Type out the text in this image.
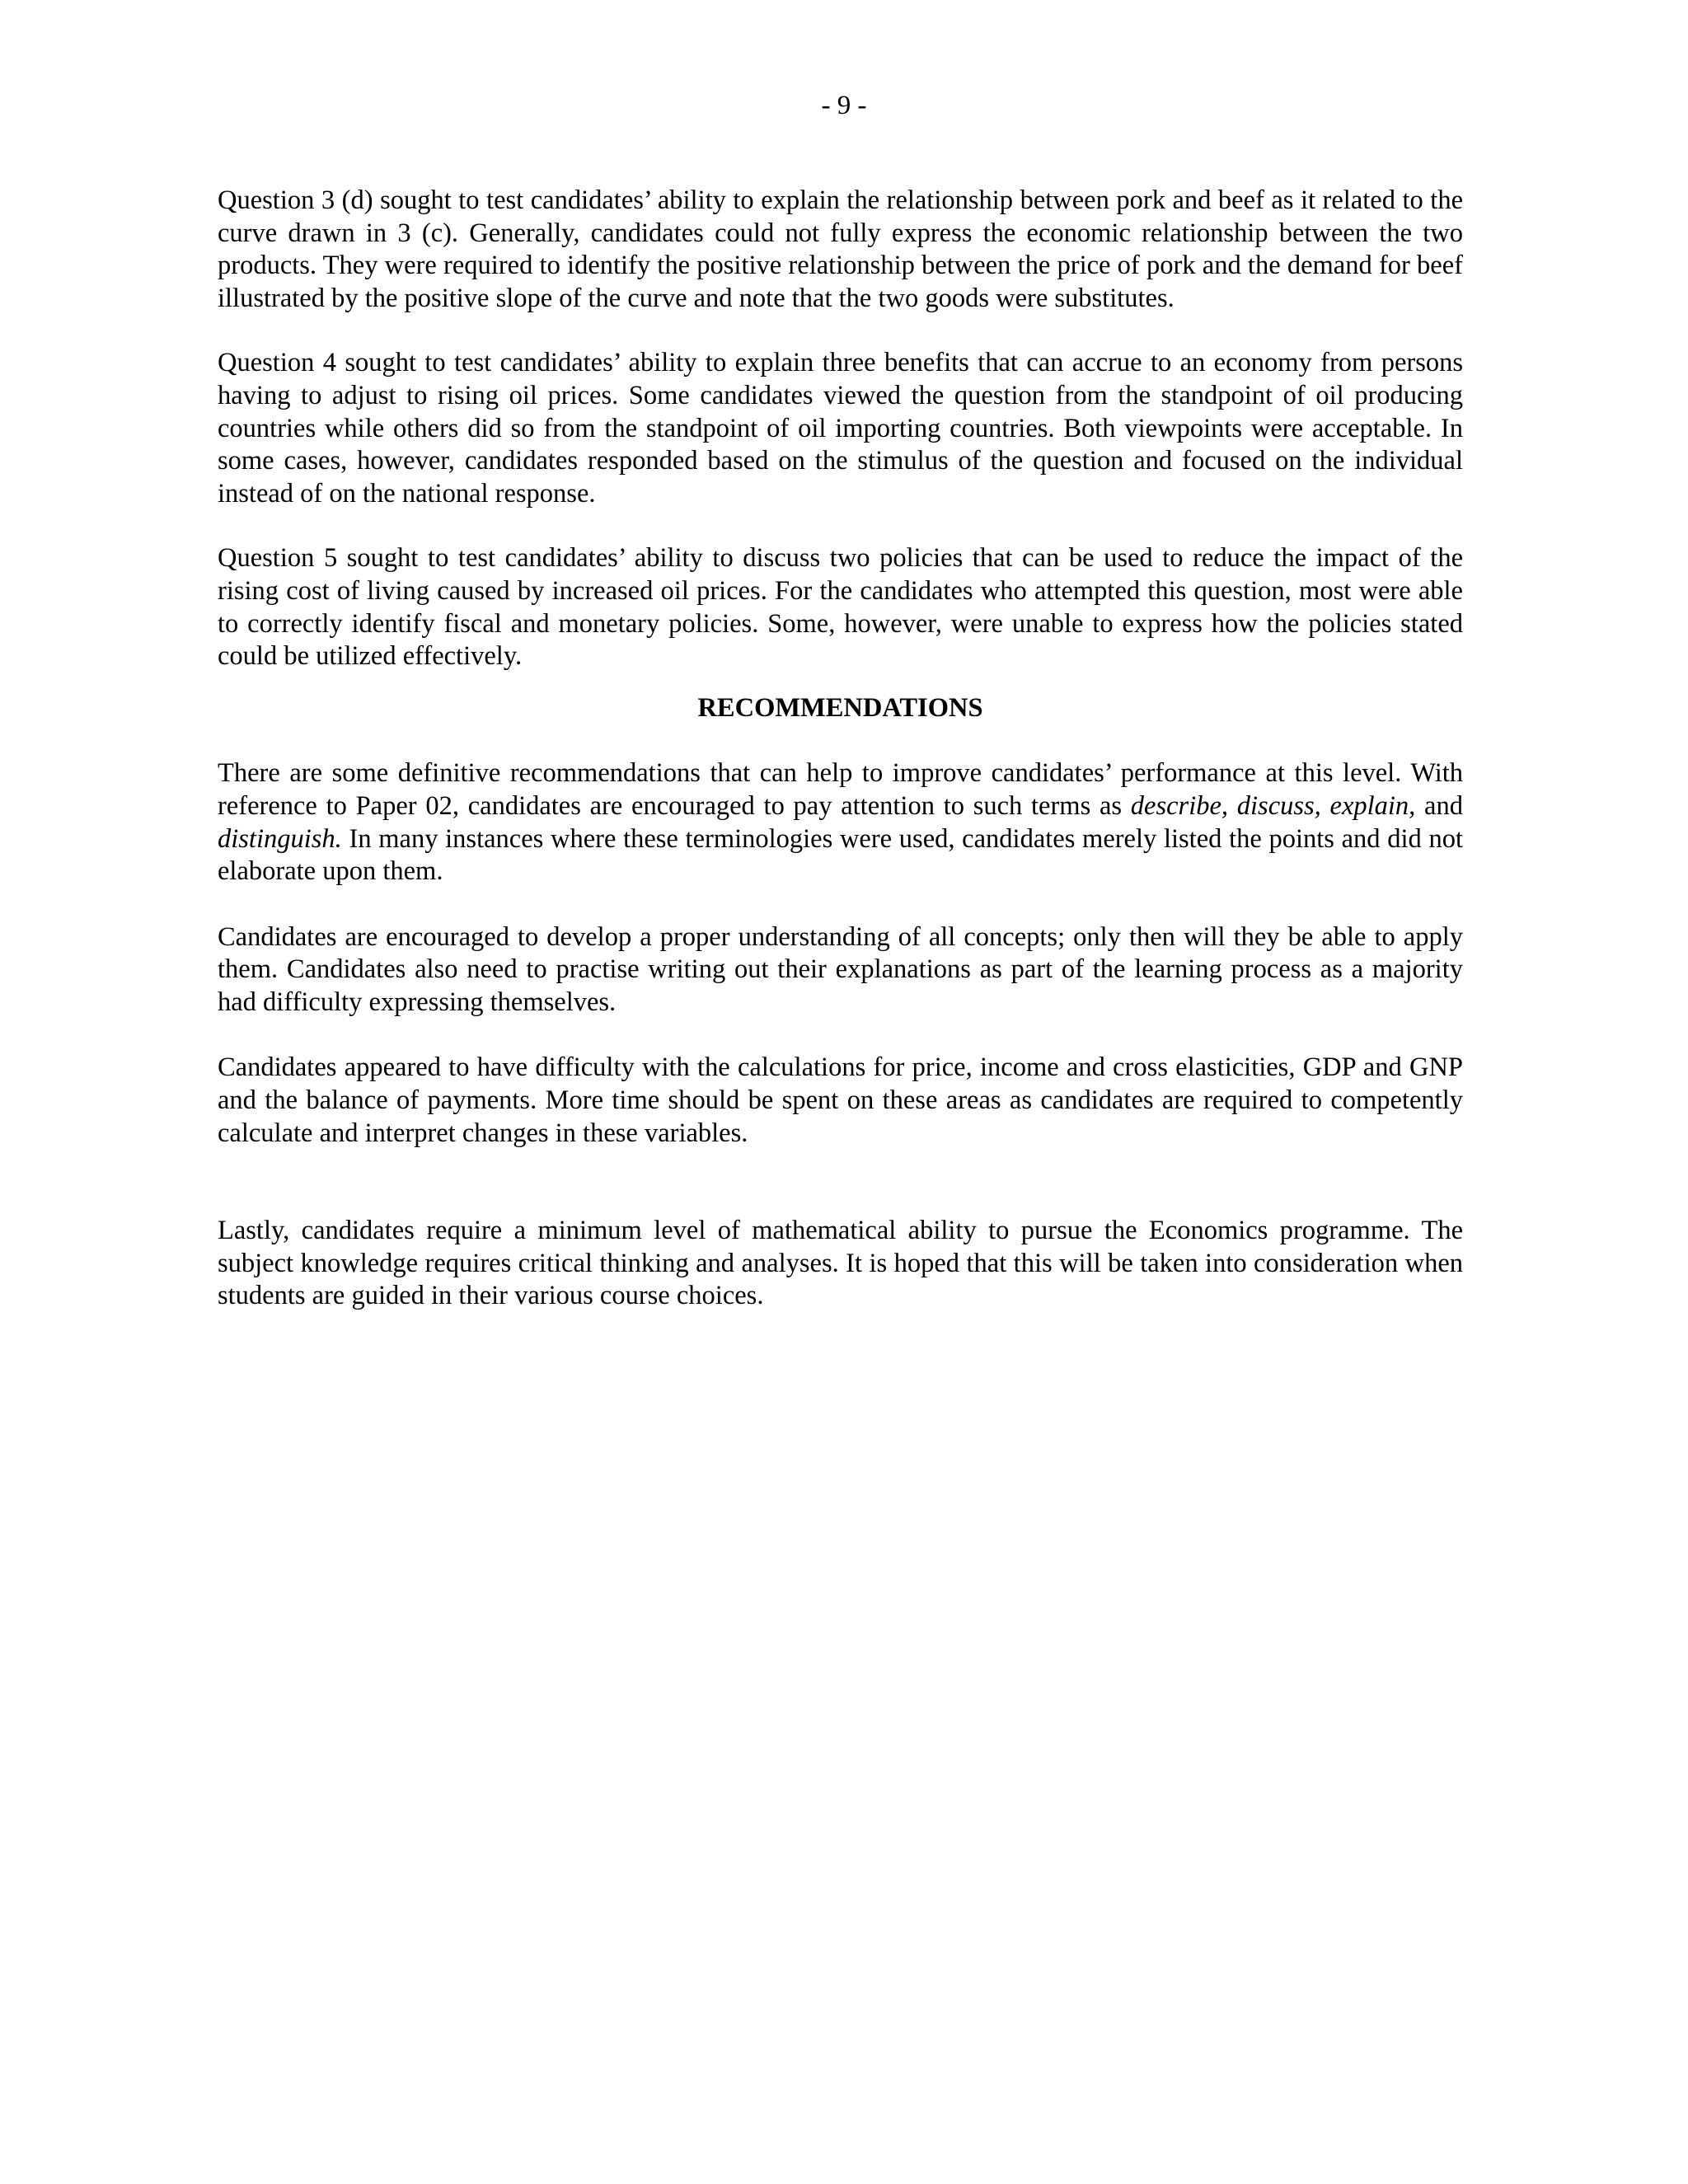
- 9 -

Question 3 (d) sought to test candidates’ ability to explain the relationship between pork and beef as it related to the curve drawn in 3 (c). Generally, candidates could not fully express the economic relationship between the two products. They were required to identify the positive relationship between the price of pork and the demand for beef illustrated by the positive slope of the curve and note that the two goods were substitutes.

Question 4 sought to test candidates’ ability to explain three benefits that can accrue to an economy from persons having to adjust to rising oil prices. Some candidates viewed the question from the standpoint of oil producing countries while others did so from the standpoint of oil importing countries. Both viewpoints were acceptable. In some cases, however, candidates responded based on the stimulus of the question and focused on the individual instead of on the national response.

Question 5 sought to test candidates’ ability to discuss two policies that can be used to reduce the impact of the rising cost of living caused by increased oil prices. For the candidates who attempted this question, most were able to correctly identify fiscal and monetary policies. Some, however, were unable to express how the policies stated could be utilized effectively.

RECOMMENDATIONS

There are some definitive recommendations that can help to improve candidates’ performance at this level. With reference to Paper 02, candidates are encouraged to pay attention to such terms as describe, discuss, explain, and distinguish. In many instances where these terminologies were used, candidates merely listed the points and did not elaborate upon them.

Candidates are encouraged to develop a proper understanding of all concepts; only then will they be able to apply them. Candidates also need to practise writing out their explanations as part of the learning process as a majority had difficulty expressing themselves.

Candidates appeared to have difficulty with the calculations for price, income and cross elasticities, GDP and GNP and the balance of payments. More time should be spent on these areas as candidates are required to competently calculate and interpret changes in these variables.

Lastly, candidates require a minimum level of mathematical ability to pursue the Economics programme. The subject knowledge requires critical thinking and analyses. It is hoped that this will be taken into consideration when students are guided in their various course choices.
